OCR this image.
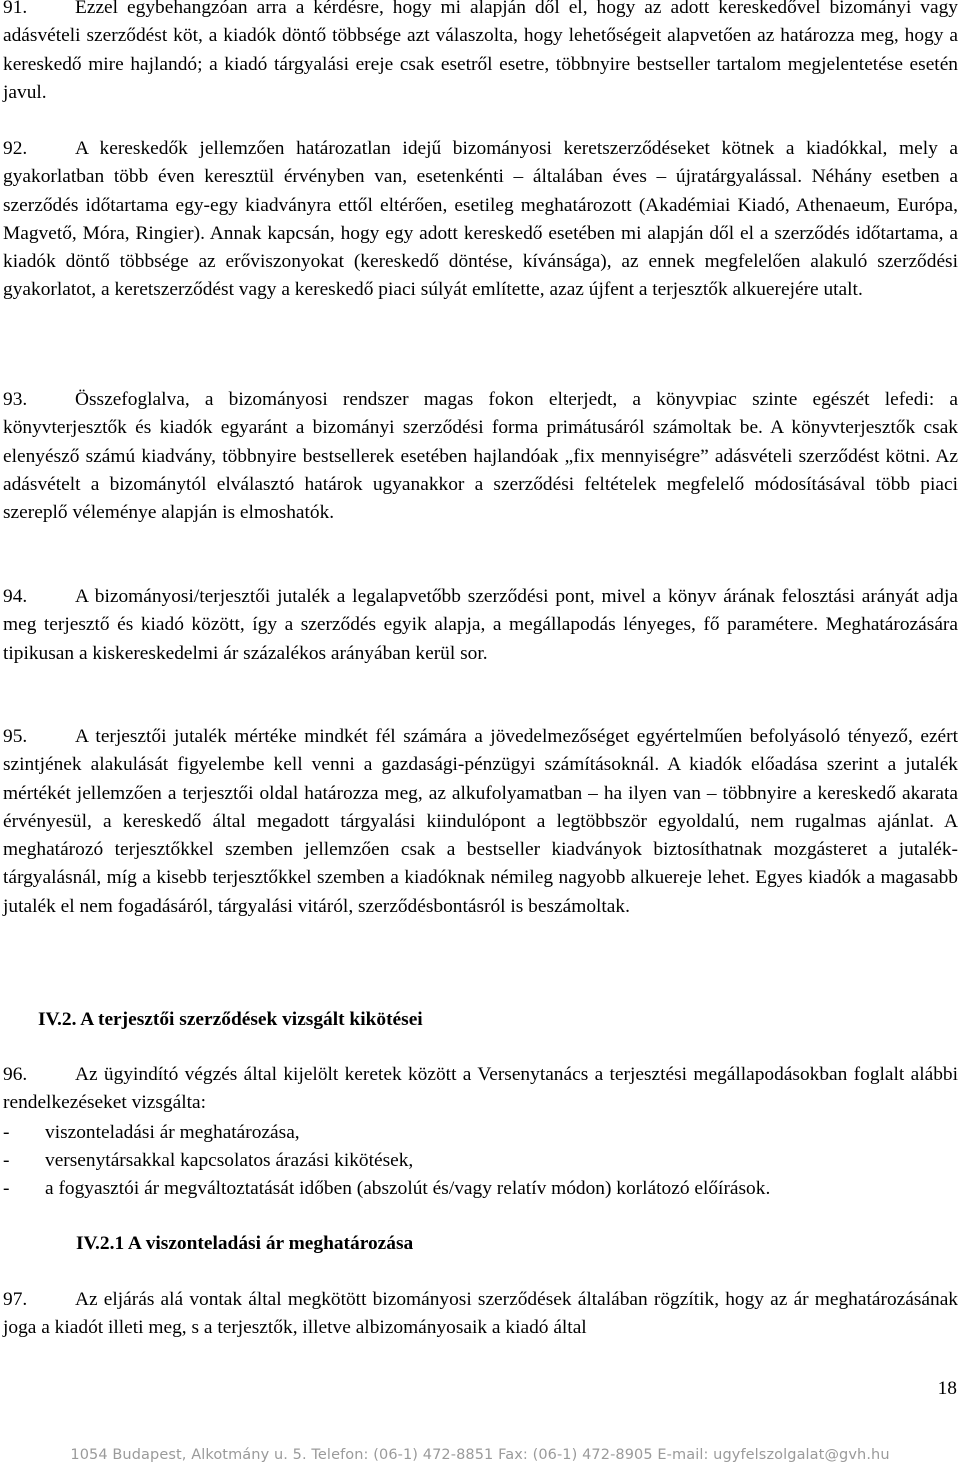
91. Ezzel egybehangzóan arra a kérdésre, hogy mi alapján dől el, hogy az adott kereskedővel bizományi vagy adásvételi szerződést köt, a kiadók döntő többsége azt válaszolta, hogy lehetőségeit alapvetően az határozza meg, hogy a kereskedő mire hajlandó; a kiadó tárgyalási ereje csak esetről esetre, többnyire bestseller tartalom megjelentetése esetén javul.

92. A kereskedők jellemzően határozatlan idejű bizományosi keretszerződéseket kötnek a kiadókkal, mely a gyakorlatban több éven keresztül érvényben van, esetenkénti – általában éves – újratárgyalással. Néhány esetben a szerződés időtartama egy-egy kiadványra ettől eltérően, esetileg meghatározott (Akadémiai Kiadó, Athenaeum, Európa, Magvető, Móra, Ringier). Annak kapcsán, hogy egy adott kereskedő esetében mi alapján dől el a szerződés időtartama, a kiadók döntő többsége az erőviszonyokat (kereskedő döntése, kívánsága), az ennek megfelelően alakuló szerződési gyakorlatot, a keretszerződést vagy a kereskedő piaci súlyát említette, azaz újfent a terjesztők alkuerejére utalt.

93. Összefoglalva, a bizományosi rendszer magas fokon elterjedt, a könyvpiac szinte egészét lefedi: a könyvterjesztők és kiadók egyaránt a bizományi szerződési forma primátusáról számoltak be. A könyvterjesztők csak elenyésző számú kiadvány, többnyire bestsellerek esetében hajlandóak „fix mennyiségre” adásvételi szerződést kötni. Az adásvételt a bizománytól elválasztó határok ugyanakkor a szerződési feltételek megfelelő módosításával több piaci szereplő véleménye alapján is elmoshatók.

94. A bizományosi/terjesztői jutalék a legalapvetőbb szerződési pont, mivel a könyv árának felosztási arányát adja meg terjesztő és kiadó között, így a szerződés egyik alapja, a megállapodás lényeges, fő paramétere. Meghatározására tipikusan a kiskereskedelmi ár százalékos arányában kerül sor.

95. A terjesztői jutalék mértéke mindkét fél számára a jövedelmezőséget egyértelműen befolyásoló tényező, ezért szintjének alakulását figyelembe kell venni a gazdasági-pénzügyi számításoknál. A kiadók előadása szerint a jutalék mértékét jellemzően a terjesztői oldal határozza meg, az alkufolyamatban – ha ilyen van – többnyire a kereskedő akarata érvényesül, a kereskedő által megadott tárgyalási kiindulópont a legtöbbször egyoldalú, nem rugalmas ajánlat. A meghatározó terjesztőkkel szemben jellemzően csak a bestseller kiadványok biztosíthatnak mozgásteret a jutalék-tárgyalásnál, míg a kisebb terjesztőkkel szemben a kiadóknak némileg nagyobb alkuereje lehet. Egyes kiadók a magasabb jutalék el nem fogadásáról, tárgyalási vitáról, szerződésbontásról is beszámoltak.

IV.2. A terjesztői szerződések vizsgált kikötései

96. Az ügyindító végzés által kijelölt keretek között a Versenytanács a terjesztési megállapodásokban foglalt alábbi rendelkezéseket vizsgálta:

- viszonteladási ár meghatározása,

- versenytársakkal kapcsolatos árazási kikötések,

- a fogyasztói ár megváltoztatását időben (abszolút és/vagy relatív módon) korlátozó előírások.

IV.2.1 A viszonteladási ár meghatározása

97. Az eljárás alá vontak által megkötött bizományosi szerződések általában rögzítik, hogy az ár meghatározásának joga a kiadót illeti meg, s a terjesztők, illetve albizományosaik a kiadó által

18
1054 Budapest, Alkotmány u. 5. Telefon: (06-1) 472-8851 Fax: (06-1) 472-8905 E-mail: ugyfelszolgalat@gvh.hu
